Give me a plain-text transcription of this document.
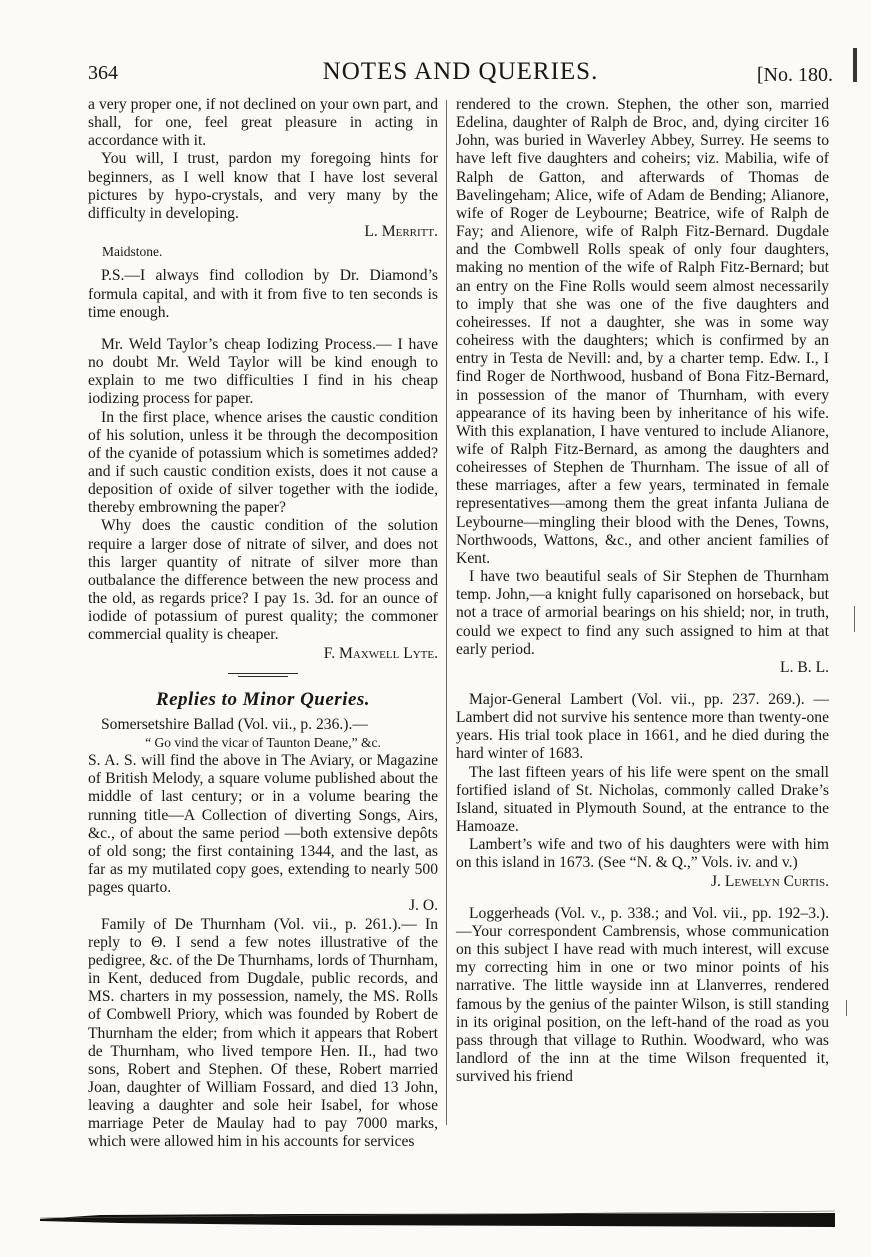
364	NOTES AND QUERIES.	[No. 180.

a very proper one, if not declined on your own part, and shall, for one, feel great pleasure in acting in accordance with it.

You will, I trust, pardon my foregoing hints for beginners, as I well know that I have lost several pictures by hypo-crystals, and very many by the difficulty in developing.

L. Merritt.

Maidstone.

P.S.—I always find collodion by Dr. Diamond’s formula capital, and with it from five to ten seconds is time enough.

Mr. Weld Taylor’s cheap Iodizing Process.— I have no doubt Mr. Weld Taylor will be kind enough to explain to me two difficulties I find in his cheap iodizing process for paper.

In the first place, whence arises the caustic condition of his solution, unless it be through the decomposition of the cyanide of potassium which is sometimes added? and if such caustic condition exists, does it not cause a deposition of oxide of silver together with the iodide, thereby embrowning the paper?

Why does the caustic condition of the solution require a larger dose of nitrate of silver, and does not this larger quantity of nitrate of silver more than outbalance the difference between the new process and the old, as regards price? I pay 1s. 3d. for an ounce of iodide of potassium of purest quality; the commoner commercial quality is cheaper.

F. Maxwell Lyte.

Replies to Minor Queries.

Somersetshire Ballad (Vol. vii., p. 236.).—

“ Go vind the vicar of Taunton Deane,” &c.

S. A. S. will find the above in The Aviary, or Magazine of British Melody, a square volume published about the middle of last century; or in a volume bearing the running title—A Collection of diverting Songs, Airs, &c., of about the same period —both extensive depôts of old song; the first containing 1344, and the last, as far as my mutilated copy goes, extending to nearly 500 pages quarto.

J. O.

Family of De Thurnham (Vol. vii., p. 261.).— In reply to Θ. I send a few notes illustrative of the pedigree, &c. of the De Thurnhams, lords of Thurnham, in Kent, deduced from Dugdale, public records, and MS. charters in my possession, namely, the MS. Rolls of Combwell Priory, which was founded by Robert de Thurnham the elder; from which it appears that Robert de Thurnham, who lived tempore Hen. II., had two sons, Robert and Stephen. Of these, Robert married Joan, daughter of William Fossard, and died 13 John, leaving a daughter and sole heir Isabel, for whose marriage Peter de Maulay had to pay 7000 marks, which were allowed him in his accounts for services

rendered to the crown. Stephen, the other son, married Edelina, daughter of Ralph de Broc, and, dying circiter 16 John, was buried in Waverley Abbey, Surrey. He seems to have left five daughters and coheirs; viz. Mabilia, wife of Ralph de Gatton, and afterwards of Thomas de Bavelingeham; Alice, wife of Adam de Bending; Alianore, wife of Roger de Leybourne; Beatrice, wife of Ralph de Fay; and Alienore, wife of Ralph Fitz-Bernard. Dugdale and the Combwell Rolls speak of only four daughters, making no mention of the wife of Ralph Fitz-Bernard; but an entry on the Fine Rolls would seem almost necessarily to imply that she was one of the five daughters and coheiresses. If not a daughter, she was in some way coheiress with the daughters; which is confirmed by an entry in Testa de Nevill: and, by a charter temp. Edw. I., I find Roger de Northwood, husband of Bona Fitz-Bernard, in possession of the manor of Thurnham, with every appearance of its having been by inheritance of his wife. With this explanation, I have ventured to include Alianore, wife of Ralph Fitz-Bernard, as among the daughters and coheiresses of Stephen de Thurnham. The issue of all of these marriages, after a few years, terminated in female representatives—among them the great infanta Juliana de Leybourne—mingling their blood with the Denes, Towns, Northwoods, Wattons, &c., and other ancient families of Kent.

I have two beautiful seals of Sir Stephen de Thurnham temp. John,—a knight fully caparisoned on horseback, but not a trace of armorial bearings on his shield; nor, in truth, could we expect to find any such assigned to him at that early period.

L. B. L.

Major-General Lambert (Vol. vii., pp. 237. 269.). —Lambert did not survive his sentence more than twenty-one years. His trial took place in 1661, and he died during the hard winter of 1683.

The last fifteen years of his life were spent on the small fortified island of St. Nicholas, commonly called Drake’s Island, situated in Plymouth Sound, at the entrance to the Hamoaze.

Lambert’s wife and two of his daughters were with him on this island in 1673. (See “N. & Q.,” Vols. iv. and v.)

J. Lewelyn Curtis.

Loggerheads (Vol. v., p. 338.; and Vol. vii., pp. 192–3.).—Your correspondent Cambrensis, whose communication on this subject I have read with much interest, will excuse my correcting him in one or two minor points of his narrative. The little wayside inn at Llanverres, rendered famous by the genius of the painter Wilson, is still standing in its original position, on the left-hand of the road as you pass through that village to Ruthin. Woodward, who was landlord of the inn at the time Wilson frequented it, survived his friend
